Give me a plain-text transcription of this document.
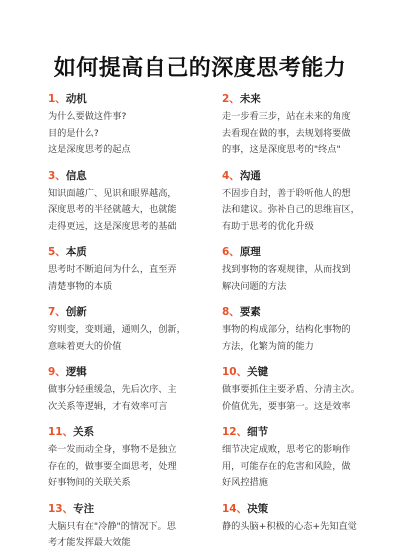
如何提高自己的深度思考能力
1、动机
为什么要做这件事?
目的是什么?
这是深度思考的起点
2、未来
走一步看三步，站在未来的角度
去看现在做的事，去规划将要做
的事，这是深度思考的"终点"
3、信息
知识面越广、见识和眼界越高，
深度思考的半径就越大，也就能
走得更远，这是深度思考的基础
4、沟通
不固步自封，善于聆听他人的想
法和建议。弥补自己的思维盲区，
有助于思考的优化升级
5、本质
思考时不断追问为什么，直至弄
清楚事物的本质
6、原理
找到事物的客观规律，从而找到
解决问题的方法
7、创新
穷则变，变则通，通则久，创新，
意味着更大的价值
8、要素
事物的构成部分，结构化事物的
方法，化繁为简的能力
9、逻辑
做事分轻重缓急，先后次序、主
次关系等逻辑，才有效率可言
10、关键
做事要抓住主要矛盾、分清主次。
价值优先，要事第一。这是效率
11、关系
牵一发而动全身，事物不是独立
存在的，做事要全面思考，处理
好事物间的关联关系
12、细节
细节决定成败，思考它的影响作
用，可能存在的危害和风险，做
好风控措施
13、专注
大脑只有在"冷静"的情况下。思
考才能发挥最大效能
14、决策
静的头脑+积极的心态+先知直觉
